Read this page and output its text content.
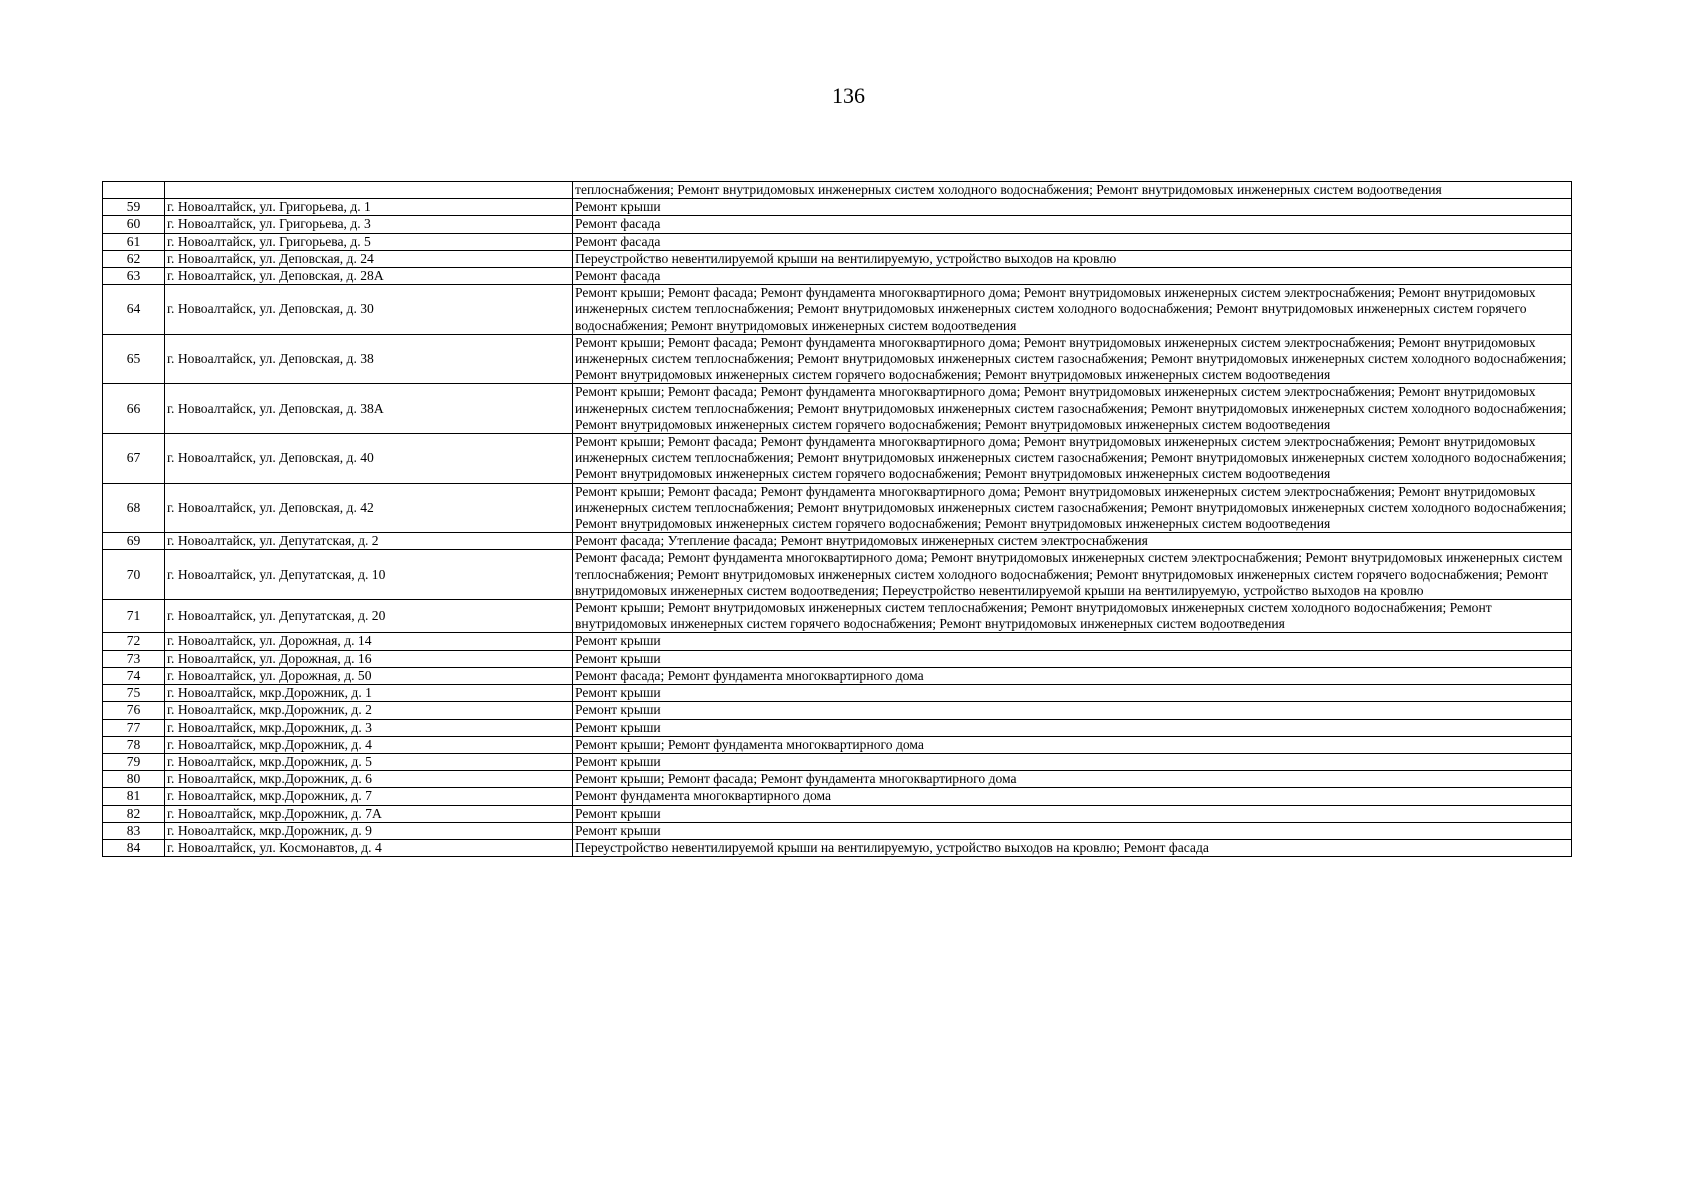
136
		теплоснабжения; Ремонт внутридомовых инженерных систем холодного водоснабжения; Ремонт внутридомовых инженерных систем водоотведения
59	г. Новоалтайск, ул. Григорьева, д. 1	Ремонт крыши
60	г. Новоалтайск, ул. Григорьева, д. 3	Ремонт фасада
61	г. Новоалтайск, ул. Григорьева, д. 5	Ремонт фасада
62	г. Новоалтайск, ул. Деповская, д. 24	Переустройство невентилируемой крыши на вентилируемую, устройство выходов на кровлю
63	г. Новоалтайск, ул. Деповская, д. 28А	Ремонт фасада
64	г. Новоалтайск, ул. Деповская, д. 30	Ремонт крыши; Ремонт фасада; Ремонт фундамента многоквартирного дома; Ремонт внутридомовых инженерных систем электроснабжения; Ремонт внутридомовых инженерных систем теплоснабжения; Ремонт внутридомовых инженерных систем холодного водоснабжения; Ремонт внутридомовых инженерных систем горячего водоснабжения; Ремонт внутридомовых инженерных систем водоотведения
65	г. Новоалтайск, ул. Деповская, д. 38	Ремонт крыши; Ремонт фасада; Ремонт фундамента многоквартирного дома; Ремонт внутридомовых инженерных систем электроснабжения; Ремонт внутридомовых инженерных систем теплоснабжения; Ремонт внутридомовых инженерных систем газоснабжения; Ремонт внутридомовых инженерных систем холодного водоснабжения; Ремонт внутридомовых инженерных систем горячего водоснабжения; Ремонт внутридомовых инженерных систем водоотведения
66	г. Новоалтайск, ул. Деповская, д. 38А	Ремонт крыши; Ремонт фасада; Ремонт фундамента многоквартирного дома; Ремонт внутридомовых инженерных систем электроснабжения; Ремонт внутридомовых инженерных систем теплоснабжения; Ремонт внутридомовых инженерных систем газоснабжения; Ремонт внутридомовых инженерных систем холодного водоснабжения; Ремонт внутридомовых инженерных систем горячего водоснабжения; Ремонт внутридомовых инженерных систем водоотведения
67	г. Новоалтайск, ул. Деповская, д. 40	Ремонт крыши; Ремонт фасада; Ремонт фундамента многоквартирного дома; Ремонт внутридомовых инженерных систем электроснабжения; Ремонт внутридомовых инженерных систем теплоснабжения; Ремонт внутридомовых инженерных систем газоснабжения; Ремонт внутридомовых инженерных систем холодного водоснабжения; Ремонт внутридомовых инженерных систем горячего водоснабжения; Ремонт внутридомовых инженерных систем водоотведения
68	г. Новоалтайск, ул. Деповская, д. 42	Ремонт крыши; Ремонт фасада; Ремонт фундамента многоквартирного дома; Ремонт внутридомовых инженерных систем электроснабжения; Ремонт внутридомовых инженерных систем теплоснабжения; Ремонт внутридомовых инженерных систем газоснабжения; Ремонт внутридомовых инженерных систем холодного водоснабжения; Ремонт внутридомовых инженерных систем горячего водоснабжения; Ремонт внутридомовых инженерных систем водоотведения
69	г. Новоалтайск, ул. Депутатская, д. 2	Ремонт фасада; Утепление фасада; Ремонт внутридомовых инженерных систем электроснабжения
70	г. Новоалтайск, ул. Депутатская, д. 10	Ремонт фасада; Ремонт фундамента многоквартирного дома; Ремонт внутридомовых инженерных систем электроснабжения; Ремонт внутридомовых инженерных систем теплоснабжения; Ремонт внутридомовых инженерных систем холодного водоснабжения; Ремонт внутридомовых инженерных систем горячего водоснабжения; Ремонт внутридомовых инженерных систем водоотведения; Переустройство невентилируемой крыши на вентилируемую, устройство выходов на кровлю
71	г. Новоалтайск, ул. Депутатская, д. 20	Ремонт крыши; Ремонт внутридомовых инженерных систем теплоснабжения; Ремонт внутридомовых инженерных систем холодного водоснабжения; Ремонт внутридомовых инженерных систем горячего водоснабжения; Ремонт внутридомовых инженерных систем водоотведения
72	г. Новоалтайск, ул. Дорожная, д. 14	Ремонт крыши
73	г. Новоалтайск, ул. Дорожная, д. 16	Ремонт крыши
74	г. Новоалтайск, ул. Дорожная, д. 50	Ремонт фасада; Ремонт фундамента многоквартирного дома
75	г. Новоалтайск, мкр.Дорожник, д. 1	Ремонт крыши
76	г. Новоалтайск, мкр.Дорожник, д. 2	Ремонт крыши
77	г. Новоалтайск, мкр.Дорожник, д. 3	Ремонт крыши
78	г. Новоалтайск, мкр.Дорожник, д. 4	Ремонт крыши; Ремонт фундамента многоквартирного дома
79	г. Новоалтайск, мкр.Дорожник, д. 5	Ремонт крыши
80	г. Новоалтайск, мкр.Дорожник, д. 6	Ремонт крыши; Ремонт фасада; Ремонт фундамента многоквартирного дома
81	г. Новоалтайск, мкр.Дорожник, д. 7	Ремонт фундамента многоквартирного дома
82	г. Новоалтайск, мкр.Дорожник, д. 7А	Ремонт крыши
83	г. Новоалтайск, мкр.Дорожник, д. 9	Ремонт крыши
84	г. Новоалтайск, ул. Космонавтов, д. 4	Переустройство невентилируемой крыши на вентилируемую, устройство выходов на кровлю; Ремонт фасада
